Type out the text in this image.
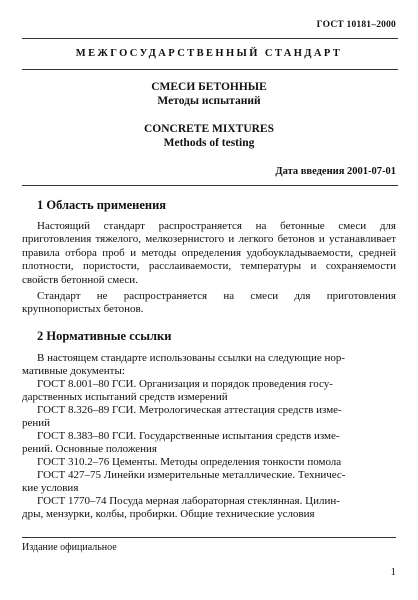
ГОСТ 10181–2000
МЕЖГОСУДАРСТВЕННЫЙ СТАНДАРТ
СМЕСИ БЕТОННЫЕ
Методы испытаний
CONCRETE MIXTURES
Methods of testing
Дата введения 2001-07-01
1 Область применения
Настоящий стандарт распространяется на бетонные смеси для приготовления тяжелого, мелкозернистого и легкого бетонов и устанавливает правила отбора проб и методы определения удобоукладываемости, средней плотности, пористости, расслаиваемости, температуры и сохраняемости свойств бетонной смеси.
Стандарт не распространяется на смеси для приготовления крупнопористых бетонов.
2 Нормативные ссылки
В настоящем стандарте использованы ссылки на следующие нор-
мативные документы:
ГОСТ 8.001–80 ГСИ. Организация и порядок проведения госу-
дарственных испытаний средств измерений
ГОСТ 8.326–89 ГСИ. Метрологическая аттестация средств изме-
рений
ГОСТ 8.383–80 ГСИ. Государственные испытания средств изме-
рений. Основные положения
ГОСТ 310.2–76 Цементы. Методы определения тонкости помола
ГОСТ 427–75 Линейки измерительные металлические. Техничес-
кие условия
ГОСТ 1770–74 Посуда мерная лабораторная стеклянная. Цилин-
дры, мензурки, колбы, пробирки. Общие технические условия
Издание официальное
1
